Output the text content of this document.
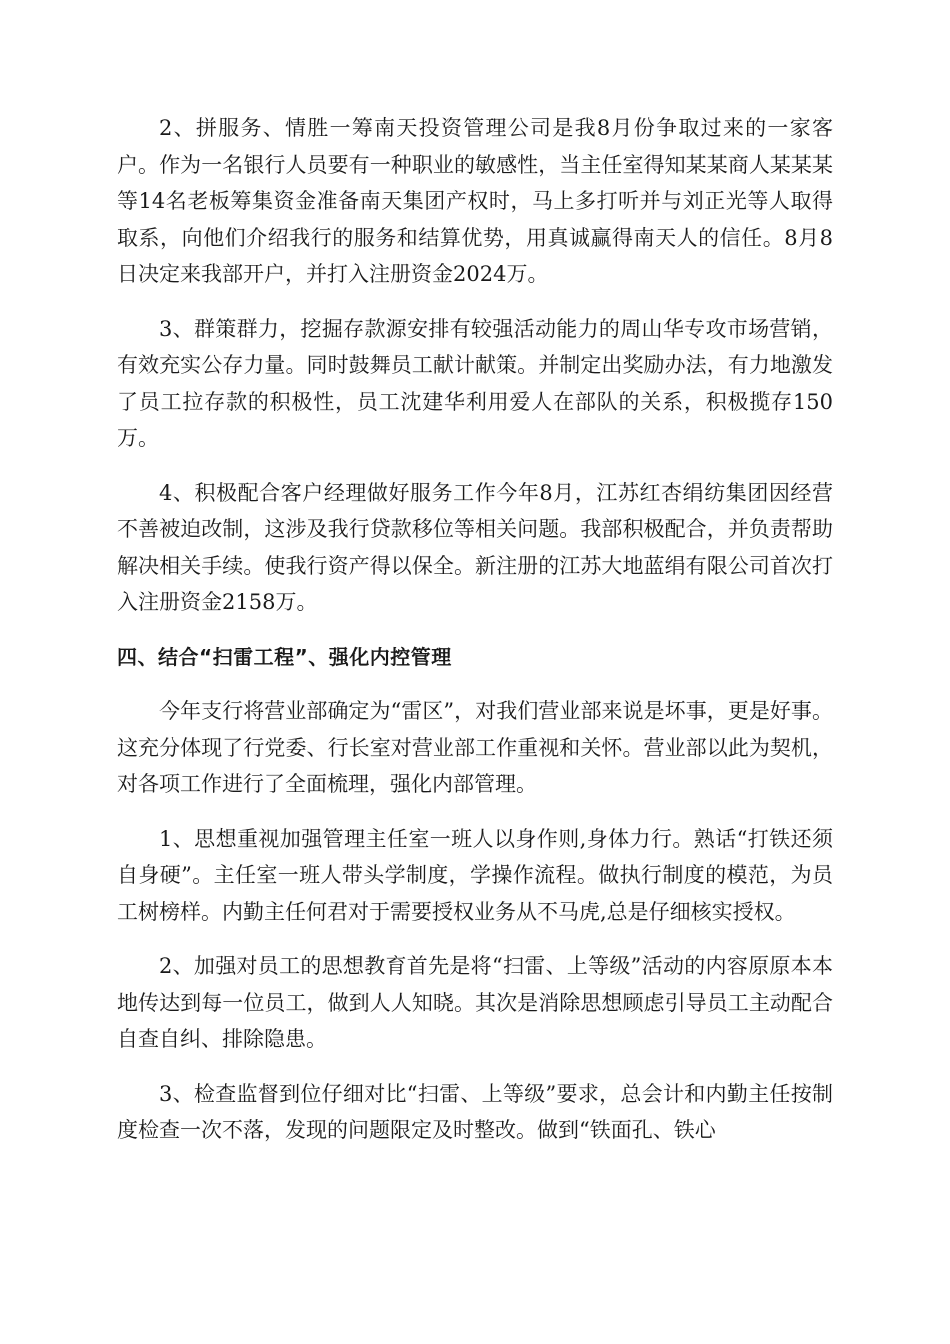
2、拼服务、情胜一筹南天投资管理公司是我8月份争取过来的一家客户。作为一名银行人员要有一种职业的敏感性，当主任室得知某某商人某某某等14名老板筹集资金准备南天集团产权时，马上多打听并与刘正光等人取得取系，向他们介绍我行的服务和结算优势，用真诚赢得南天人的信任。8月8日决定来我部开户，并打入注册资金2024万。

3、群策群力，挖掘存款源安排有较强活动能力的周山华专攻市场营销，有效充实公存力量。同时鼓舞员工献计献策。并制定出奖励办法，有力地激发了员工拉存款的积极性，员工沈建华利用爱人在部队的关系，积极揽存150万。

4、积极配合客户经理做好服务工作今年8月，江苏红杏绢纺集团因经营不善被迫改制，这涉及我行贷款移位等相关问题。我部积极配合，并负责帮助解决相关手续。使我行资产得以保全。新注册的江苏大地蓝绢有限公司首次打入注册资金2158万。

四、结合“扫雷工程”、强化内控管理

今年支行将营业部确定为“雷区”，对我们营业部来说是坏事，更是好事。这充分体现了行党委、行长室对营业部工作重视和关怀。营业部以此为契机，对各项工作进行了全面梳理，强化内部管理。

1、思想重视加强管理主任室一班人以身作则,身体力行。熟话“打铁还须自身硬”。主任室一班人带头学制度，学操作流程。做执行制度的模范，为员工树榜样。内勤主任何君对于需要授权业务从不马虎,总是仔细核实授权。

2、加强对员工的思想教育首先是将“扫雷、上等级”活动的内容原原本本地传达到每一位员工，做到人人知晓。其次是消除思想顾虑引导员工主动配合自查自纠、排除隐患。

3、检查监督到位仔细对比“扫雷、上等级”要求，总会计和内勤主任按制度检查一次不落，发现的问题限定及时整改。做到“铁面孔、铁心
